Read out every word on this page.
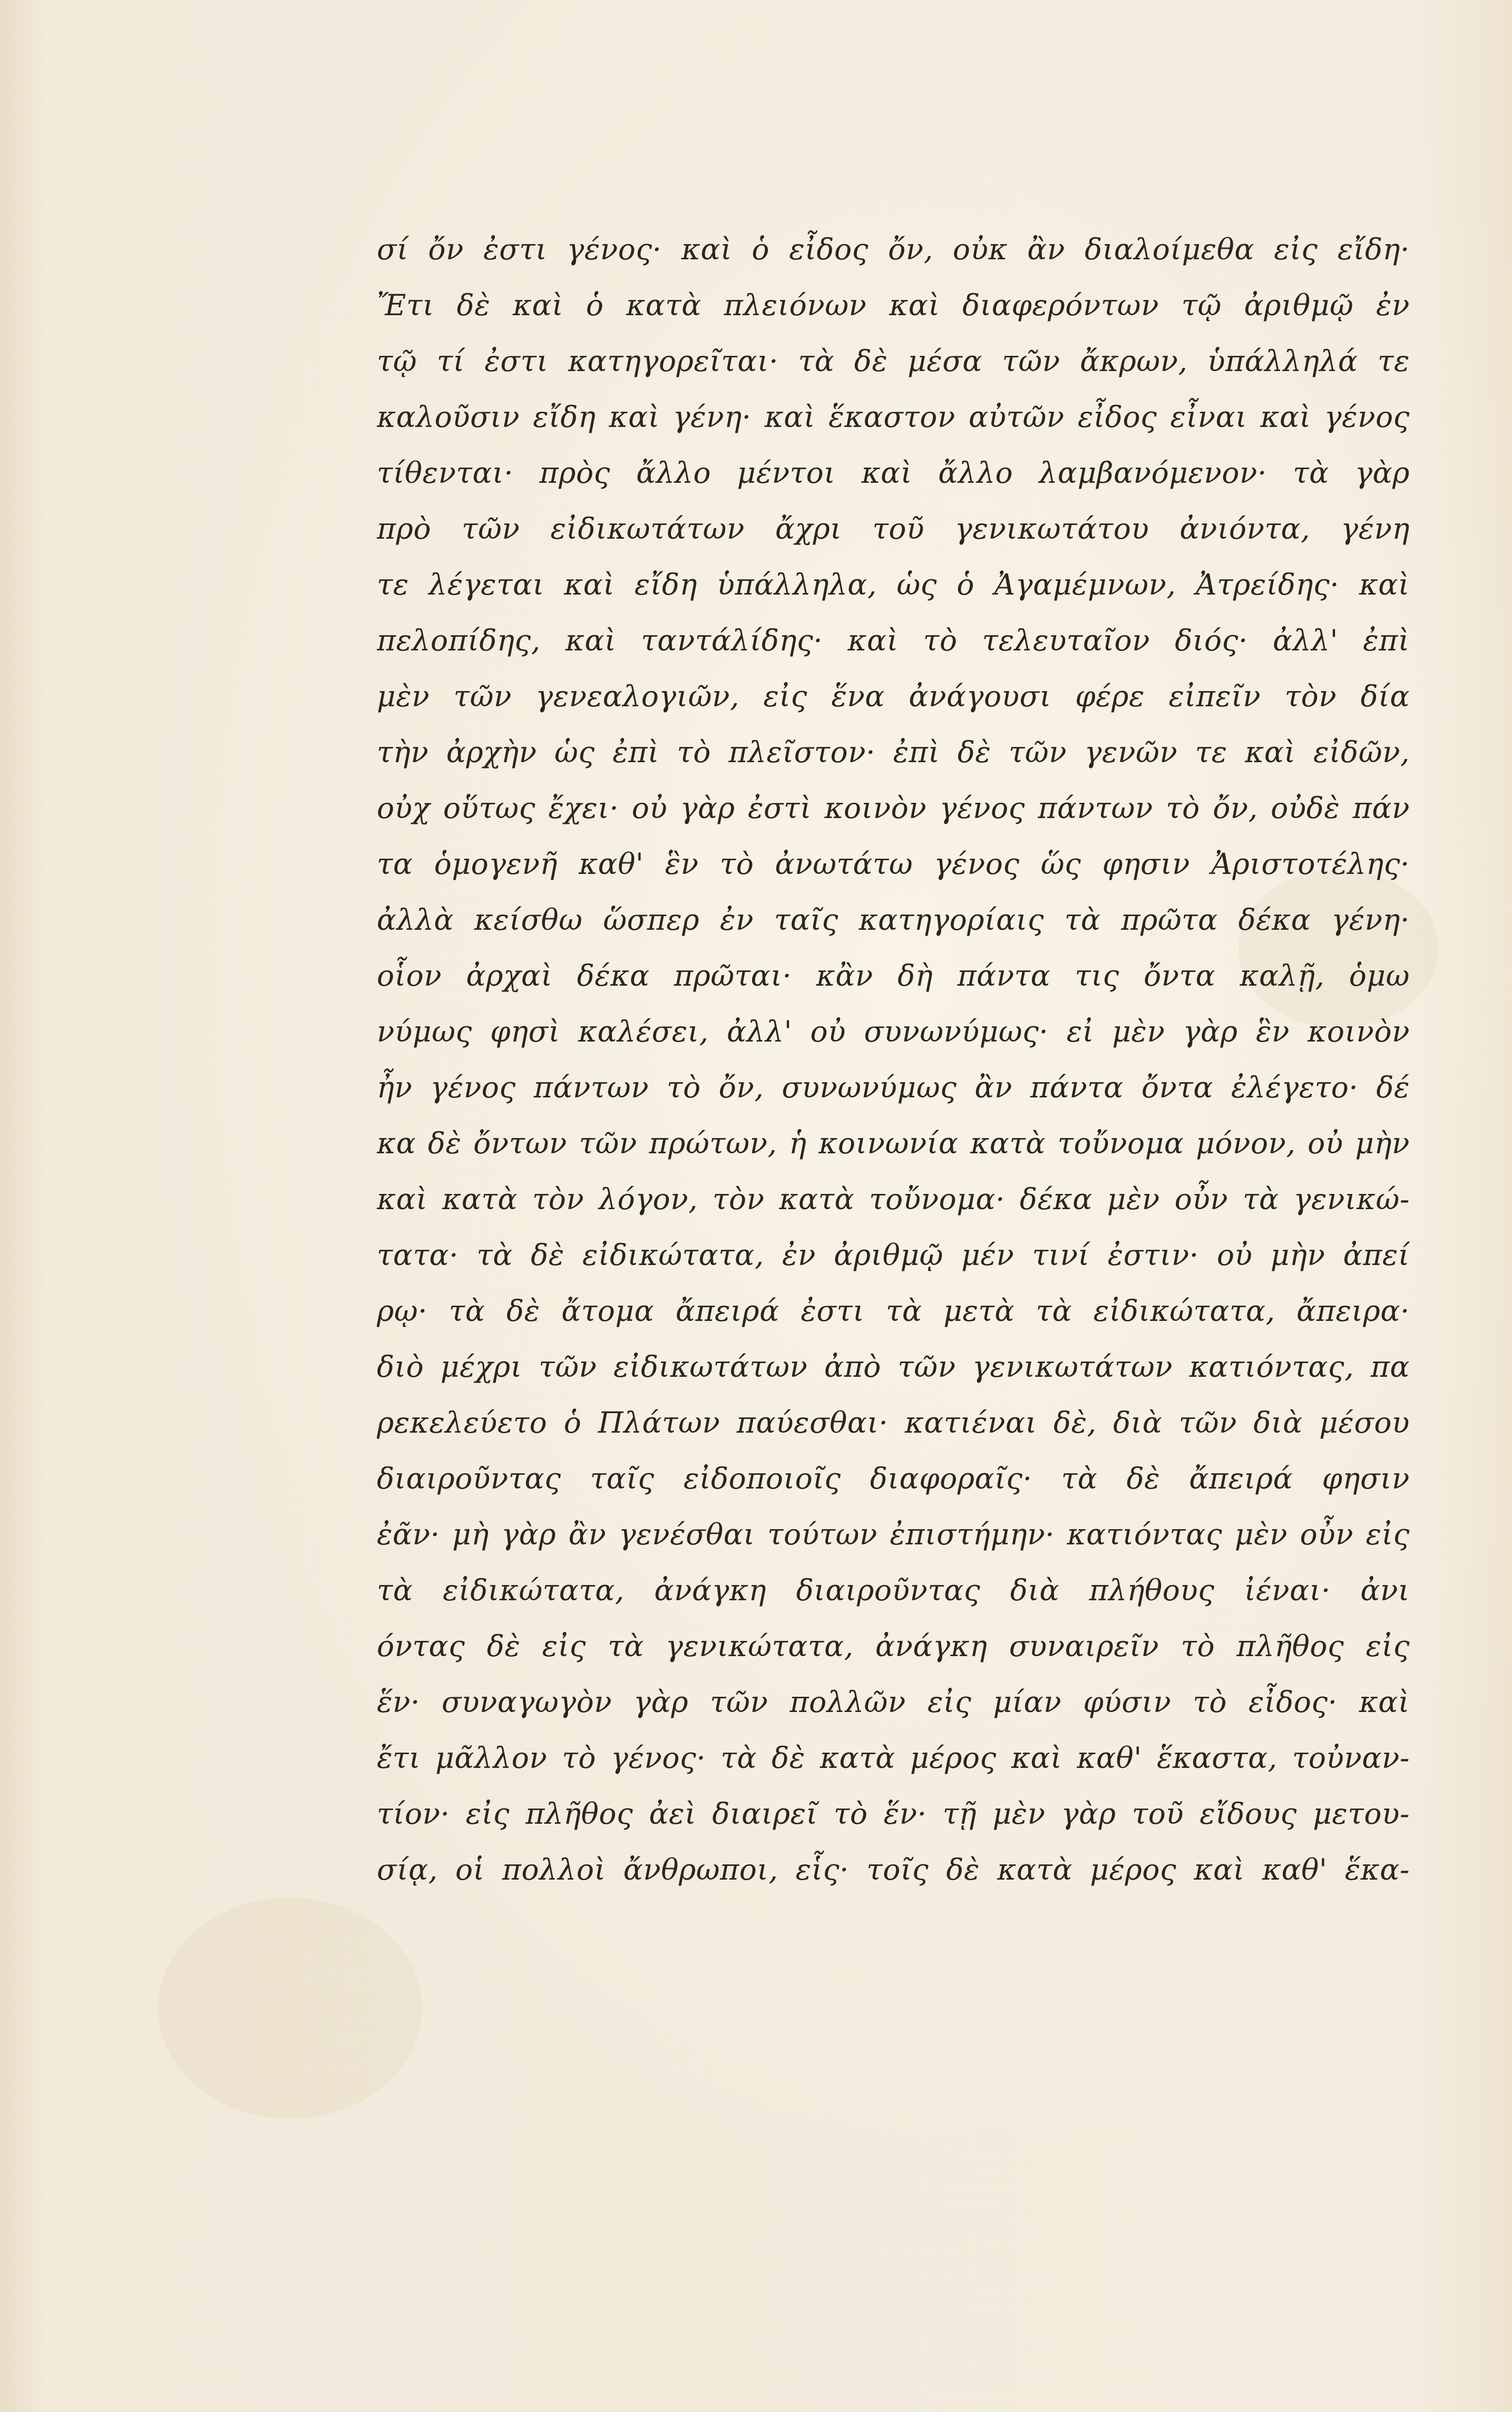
σί ὄν ἐστι γένος· καὶ ὁ εἶδος ὄν, οὐκ ἂν διαλοίμεθα εἰς εἴδη·
Ἔτι δὲ καὶ ὁ κατὰ πλειόνων καὶ διαφερόντων τῷ ἀριθμῷ ἐν
τῷ τί ἐστι κατηγορεῖται· τὰ δὲ μέσα τῶν ἄκρων, ὑπάλληλά τε
καλοῦσιν εἴδη καὶ γένη· καὶ ἕκαστον αὐτῶν εἶδος εἶναι καὶ γένος
τίθενται· πρὸς ἄλλο μέντοι καὶ ἄλλο λαμβανόμενον· τὰ γὰρ
πρὸ τῶν εἰδικωτάτων ἄχρι τοῦ γενικωτάτου ἀνιόντα, γένη
τε λέγεται καὶ εἴδη ὑπάλληλα, ὡς ὁ Ἀγαμέμνων, Ἀτρείδης· καὶ
πελοπίδης, καὶ ταντάλίδης· καὶ τὸ τελευταῖον διός· ἀλλ' ἐπὶ
μὲν τῶν γενεαλογιῶν, εἰς ἕνα ἀνάγουσι φέρε εἰπεῖν τὸν δία
τὴν ἀρχὴν ὡς ἐπὶ τὸ πλεῖστον· ἐπὶ δὲ τῶν γενῶν τε καὶ εἰδῶν,
οὐχ οὕτως ἔχει· οὐ γὰρ ἐστὶ κοινὸν γένος πάντων τὸ ὄν, οὐδὲ πάν
τα ὁμογενῆ καθ' ἓν τὸ ἀνωτάτω γένος ὥς φησιν Ἀριστοτέλης·
ἀλλὰ κείσθω ὥσπερ ἐν ταῖς κατηγορίαις τὰ πρῶτα δέκα γένη·
οἷον ἀρχαὶ δέκα πρῶται· κἂν δὴ πάντα τις ὄντα καλῇ, ὁμω
νύμως φησὶ καλέσει, ἀλλ' οὐ συνωνύμως· εἰ μὲν γὰρ ἓν κοινὸν
ἦν γένος πάντων τὸ ὄν, συνωνύμως ἂν πάντα ὄντα ἐλέγετο· δέ
κα δὲ ὄντων τῶν πρώτων, ἡ κοινωνία κατὰ τοὔνομα μόνον, οὐ μὴν
καὶ κατὰ τὸν λόγον, τὸν κατὰ τοὔνομα· δέκα μὲν οὖν τὰ γενικώ-
τατα· τὰ δὲ εἰδικώτατα, ἐν ἀριθμῷ μέν τινί ἐστιν· οὐ μὴν ἀπεί
ρῳ· τὰ δὲ ἄτομα ἄπειρά ἐστι τὰ μετὰ τὰ εἰδικώτατα, ἄπειρα·
διὸ μέχρι τῶν εἰδικωτάτων ἀπὸ τῶν γενικωτάτων κατιόντας, πα
ρεκελεύετο ὁ Πλάτων παύεσθαι· κατιέναι δὲ, διὰ τῶν διὰ μέσου
διαιροῦντας ταῖς εἰδοποιοῖς διαφοραῖς· τὰ δὲ ἄπειρά φησιν
ἐᾶν· μὴ γὰρ ἂν γενέσθαι τούτων ἐπιστήμην· κατιόντας μὲν οὖν εἰς
τὰ εἰδικώτατα, ἀνάγκη διαιροῦντας διὰ πλήθους ἰέναι· ἀνι
όντας δὲ εἰς τὰ γενικώτατα, ἀνάγκη συναιρεῖν τὸ πλῆθος εἰς
ἕν· συναγωγὸν γὰρ τῶν πολλῶν εἰς μίαν φύσιν τὸ εἶδος· καὶ
ἔτι μᾶλλον τὸ γένος· τὰ δὲ κατὰ μέρος καὶ καθ' ἕκαστα, τοὐναν-
τίον· εἰς πλῆθος ἀεὶ διαιρεῖ τὸ ἕν· τῇ μὲν γὰρ τοῦ εἴδους μετου-
σίᾳ, οἱ πολλοὶ ἄνθρωποι, εἷς· τοῖς δὲ κατὰ μέρος καὶ καθ' ἕκα-
